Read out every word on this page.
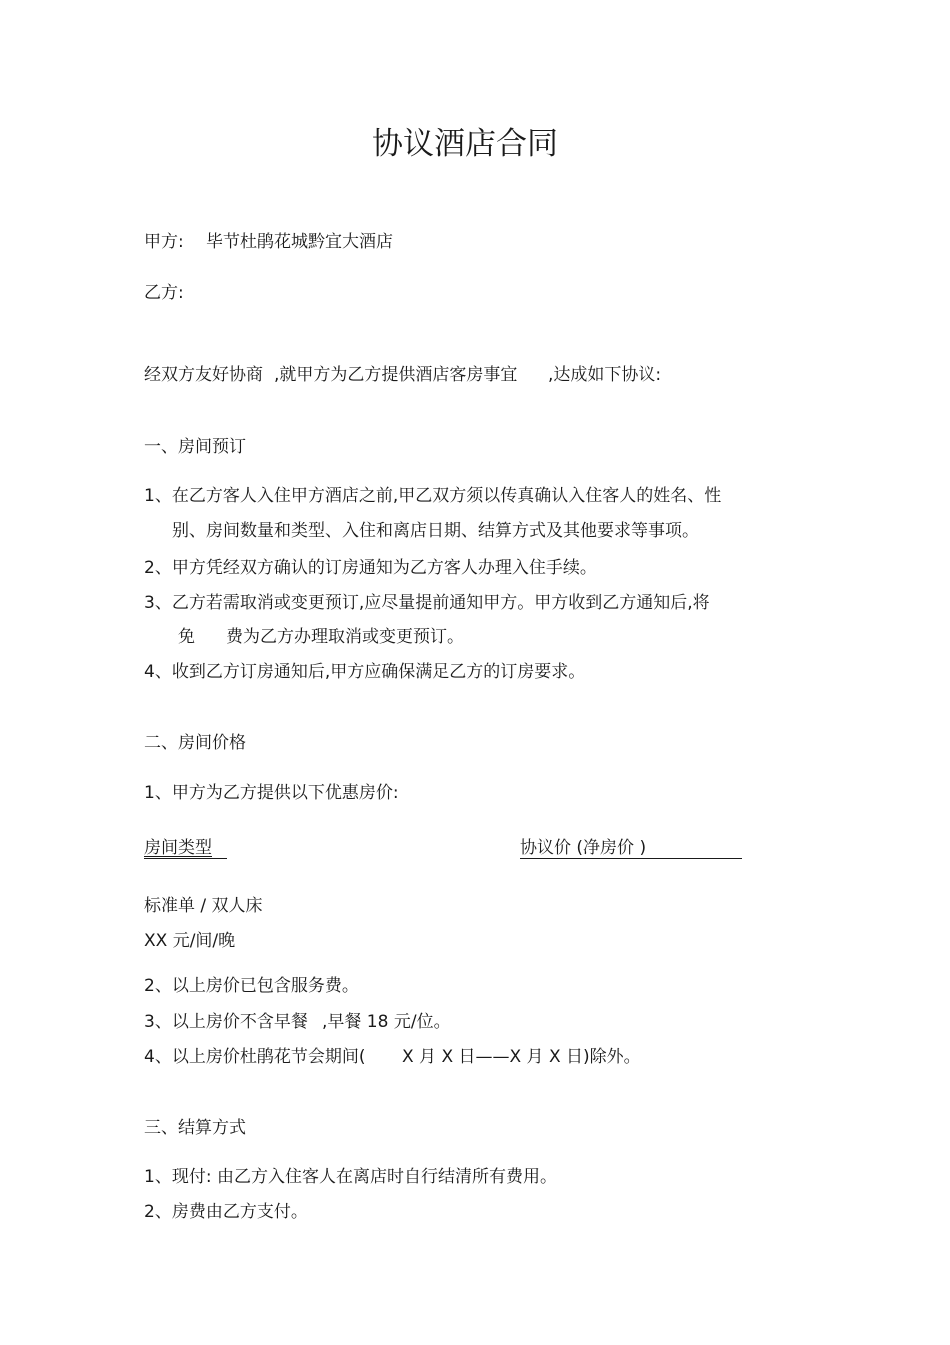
协议酒店合同
甲方: 毕节杜鹃花城黔宜大酒店
乙方:
经双方友好协商 ,就甲方为乙方提供酒店客房事宜 ,达成如下协议:
一、房间预订
1、在乙方客人入住甲方酒店之前,甲乙双方须以传真确认入住客人的姓名、性
别、房间数量和类型、入住和离店日期、结算方式及其他要求等事项。
2、甲方凭经双方确认的订房通知为乙方客人办理入住手续。
3、乙方若需取消或变更预订,应尽量提前通知甲方。甲方收到乙方通知后,将
免 费为乙方办理取消或变更预订。
4、收到乙方订房通知后,甲方应确保满足乙方的订房要求。
二、房间价格
1、甲方为乙方提供以下优惠房价:
房间类型	协议价 (净房价 )
标准单 / 双人床
XX 元/间/晚
2、以上房价已包含服务费。
3、以上房价不含早餐 ,早餐 18 元/位。
4、以上房价杜鹃花节会期间( X 月 X 日——X 月 X 日)除外。
三、结算方式
1、现付: 由乙方入住客人在离店时自行结清所有费用。
2、房费由乙方支付。
